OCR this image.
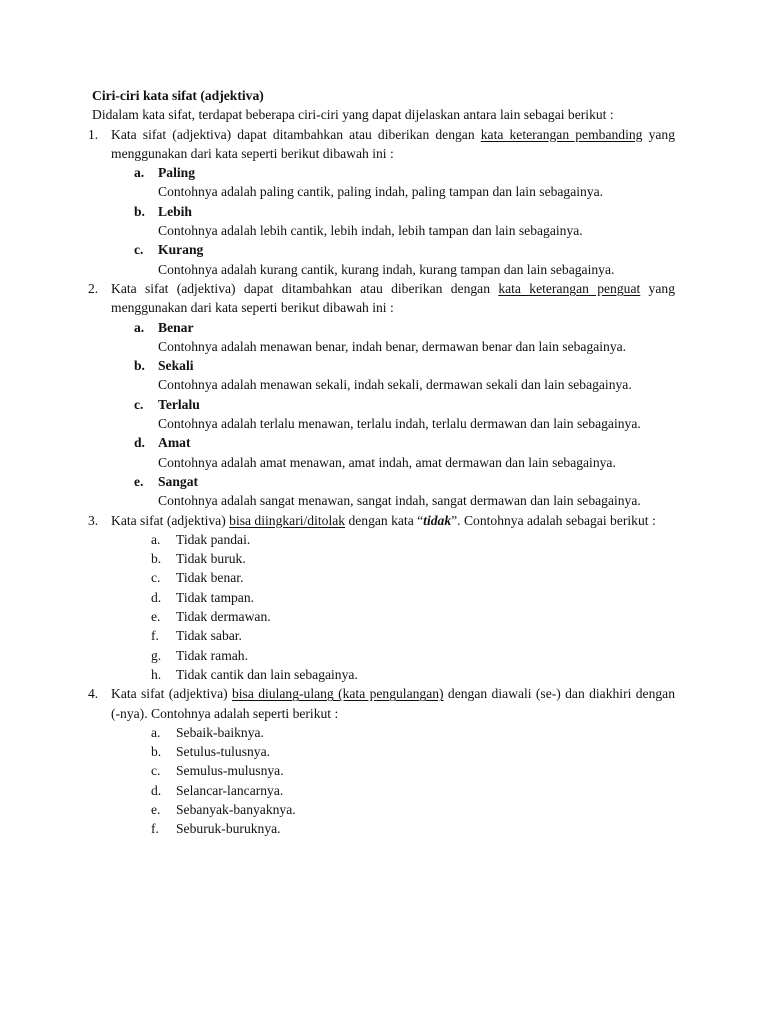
Ciri-ciri kata sifat (adjektiva)
Didalam kata sifat, terdapat beberapa ciri-ciri yang dapat dijelaskan antara lain sebagai berikut :
1. Kata sifat (adjektiva) dapat ditambahkan atau diberikan dengan kata keterangan pembanding yang menggunakan dari kata seperti berikut dibawah ini :
a. Paling
Contohnya adalah paling cantik, paling indah, paling tampan dan lain sebagainya.
b. Lebih
Contohnya adalah lebih cantik, lebih indah, lebih tampan dan lain sebagainya.
c. Kurang
Contohnya adalah kurang cantik, kurang indah, kurang tampan dan lain sebagainya.
2. Kata sifat (adjektiva) dapat ditambahkan atau diberikan dengan kata keterangan penguat yang menggunakan dari kata seperti berikut dibawah ini :
a. Benar
Contohnya adalah menawan benar, indah benar, dermawan benar dan lain sebagainya.
b. Sekali
Contohnya adalah menawan sekali, indah sekali, dermawan sekali dan lain sebagainya.
c. Terlalu
Contohnya adalah terlalu menawan, terlalu indah, terlalu dermawan dan lain sebagainya.
d. Amat
Contohnya adalah amat menawan, amat indah, amat dermawan dan lain sebagainya.
e. Sangat
Contohnya adalah sangat menawan, sangat indah, sangat dermawan dan lain sebagainya.
3. Kata sifat (adjektiva) bisa diingkari/ditolak dengan kata “tidak”. Contohnya adalah sebagai berikut :
a. Tidak pandai.
b. Tidak buruk.
c. Tidak benar.
d. Tidak tampan.
e. Tidak dermawan.
f. Tidak sabar.
g. Tidak ramah.
h. Tidak cantik dan lain sebagainya.
4. Kata sifat (adjektiva) bisa diulang-ulang (kata pengulangan) dengan diawali (se-) dan diakhiri dengan (-nya). Contohnya adalah seperti berikut :
a. Sebaik-baiknya.
b. Setulus-tulusnya.
c. Semulus-mulusnya.
d. Selancar-lancarnya.
e. Sebanyak-banyaknya.
f. Seburuk-buruknya.
